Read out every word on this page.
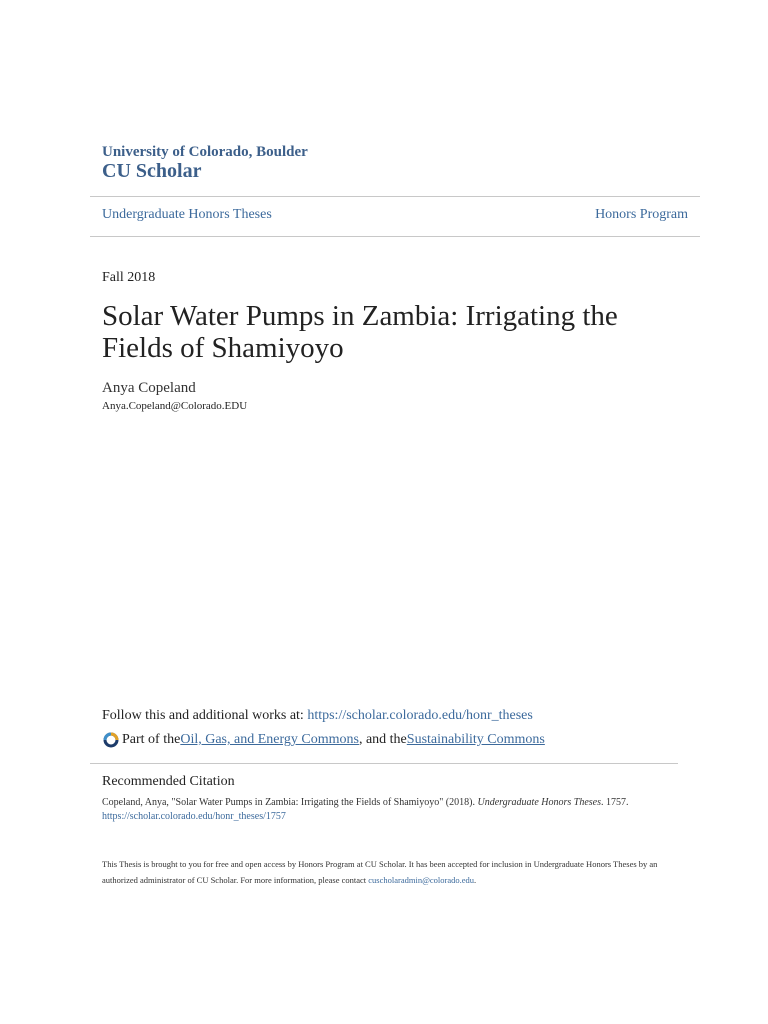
University of Colorado, Boulder
CU Scholar
Undergraduate Honors Theses	Honors Program
Fall 2018
Solar Water Pumps in Zambia: Irrigating the Fields of Shamiyoyo
Anya Copeland
Anya.Copeland@Colorado.EDU
Follow this and additional works at: https://scholar.colorado.edu/honr_theses
Part of the Oil, Gas, and Energy Commons , and the Sustainability Commons
Recommended Citation
Copeland, Anya, "Solar Water Pumps in Zambia: Irrigating the Fields of Shamiyoyo" (2018). Undergraduate Honors Theses. 1757.
https://scholar.colorado.edu/honr_theses/1757
This Thesis is brought to you for free and open access by Honors Program at CU Scholar. It has been accepted for inclusion in Undergraduate Honors Theses by an authorized administrator of CU Scholar. For more information, please contact cuscholaradmin@colorado.edu.
